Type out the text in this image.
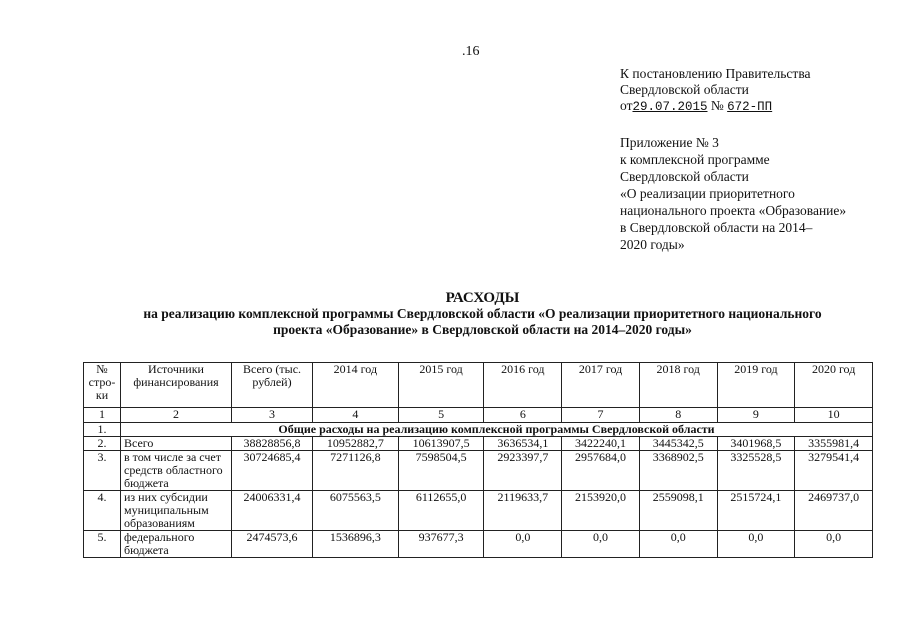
.16
К постановлению Правительства
Свердловской области
от29.07.2015 № 672-ПП
Приложение № 3
к комплексной программе
Свердловской области
«О реализации приоритетного
национального проекта «Образование»
в Свердловской области на 2014–
2020 годы»
РАСХОДЫ
на реализацию комплексной программы Свердловской области «О реализации приоритетного национального
проекта «Образование» в Свердловской области на 2014–2020 годы»
№ стро-ки	Источники финансирования	Всего (тыс. рублей)	2014 год	2015 год	2016 год	2017 год	2018 год	2019 год	2020 год
1	2	3	4	5	6	7	8	9	10
1.	Общие расходы на реализацию комплексной программы Свердловской области								
2.	Всего	38828856,8	10952882,7	10613907,5	3636534,1	3422240,1	3445342,5	3401968,5	3355981,4
3.	в том числе за счет средств областного бюджета	30724685,4	7271126,8	7598504,5	2923397,7	2957684,0	3368902,5	3325528,5	3279541,4
4.	из них субсидии муниципальным образованиям	24006331,4	6075563,5	6112655,0	2119633,7	2153920,0	2559098,1	2515724,1	2469737,0
5.	федерального бюджета	2474573,6	1536896,3	937677,3	0,0	0,0	0,0	0,0	0,0
